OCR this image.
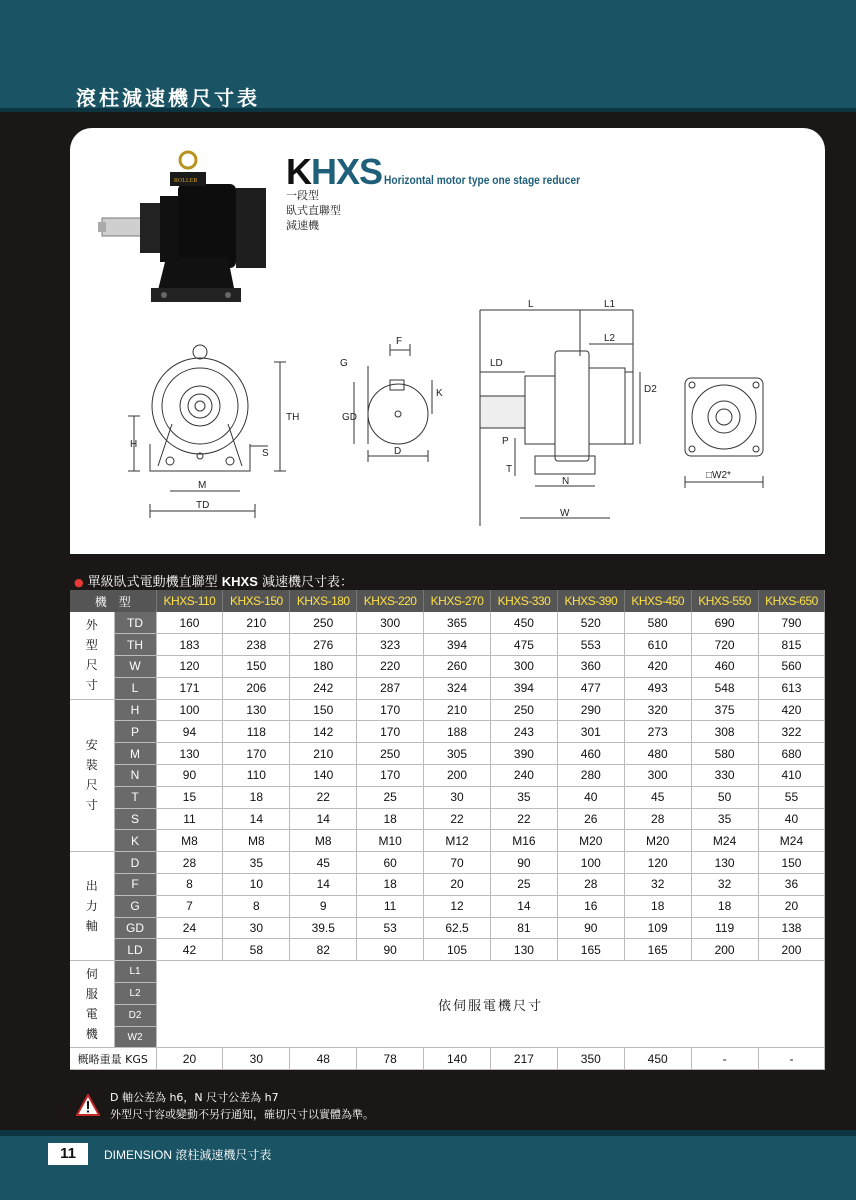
滾柱減速機尺寸表
ROLLER KHXS Horizontal motor type one stage reducer
一段型
臥式直聯型
減速機
H
TH
S
M
TD
F
G
GD
K
D
L	L1
L2
LD
D2
P
T
N
W
□W2*
● 單級臥式電動機直聯型 KHXS 減速機尺寸表：
機　型		KHXS-110	KHXS-150	KHXS-180	KHXS-220	KHXS-270	KHXS-330	KHXS-390	KHXS-450	KHXS-550	KHXS-650
外
型
尺
寸	TD	160	210	250	300	365	450	520	580	690	790
	TH	183	238	276	323	394	475	553	610	720	815
	W	120	150	180	220	260	300	360	420	460	560
	L	171	206	242	287	324	394	477	493	548	613
安
裝
尺
寸	H	100	130	150	170	210	250	290	320	375	420
	P	94	118	142	170	188	243	301	273	308	322
	M	130	170	210	250	305	390	460	480	580	680
	N	90	110	140	170	200	240	280	300	330	410
	T	15	18	22	25	30	35	40	45	50	55
	S	11	14	14	18	22	22	26	28	35	40
	K	M8	M8	M8	M10	M12	M16	M20	M20	M24	M24
出
力
軸	D	28	35	45	60	70	90	100	120	130	150
	F	8	10	14	18	20	25	28	32	32	36
	G	7	8	9	11	12	14	16	18	18	20
	GD	24	30	39.5	53	62.5	81	90	109	119	138
	LD	42	58	82	90	105	130	165	165	200	200
伺
服
電
機	L1	依伺服電機尺寸									
	L2										
	D2										
	W2										
概略重量 KGS		20	30	48	78	140	217	350	450	-	-
D 軸公差為 h6，N 尺寸公差為 h7
外型尺寸容或變動不另行通知，確切尺寸以實體為準。
11	DIMENSION 滾柱減速機尺寸表
